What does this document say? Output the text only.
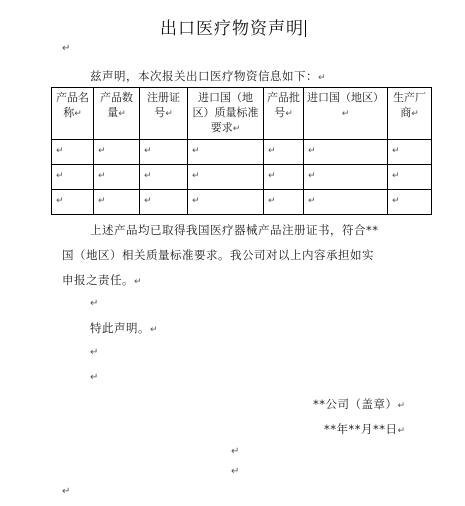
出口医疗物资声明
↵
兹声明，本次报关出口医疗物资信息如下：↵
产品名称↵	产品数量↵	注册证号↵	进口国（地区）质量标准要求↵	产品批号↵	进口国（地区）↵	生产厂商↵
↵	↵	↵	↵	↵	↵	↵
↵	↵	↵	↵	↵	↵	↵
↵	↵	↵	↵	↵	↵	↵
上述产品均已取得我国医疗器械产品注册证书，符合**
国（地区）相关质量标准要求。我公司对以上内容承担如实
申报之责任。↵
↵
特此声明。↵
↵
↵
**公司（盖章）↵
**年**月**日↵
↵
↵
↵
